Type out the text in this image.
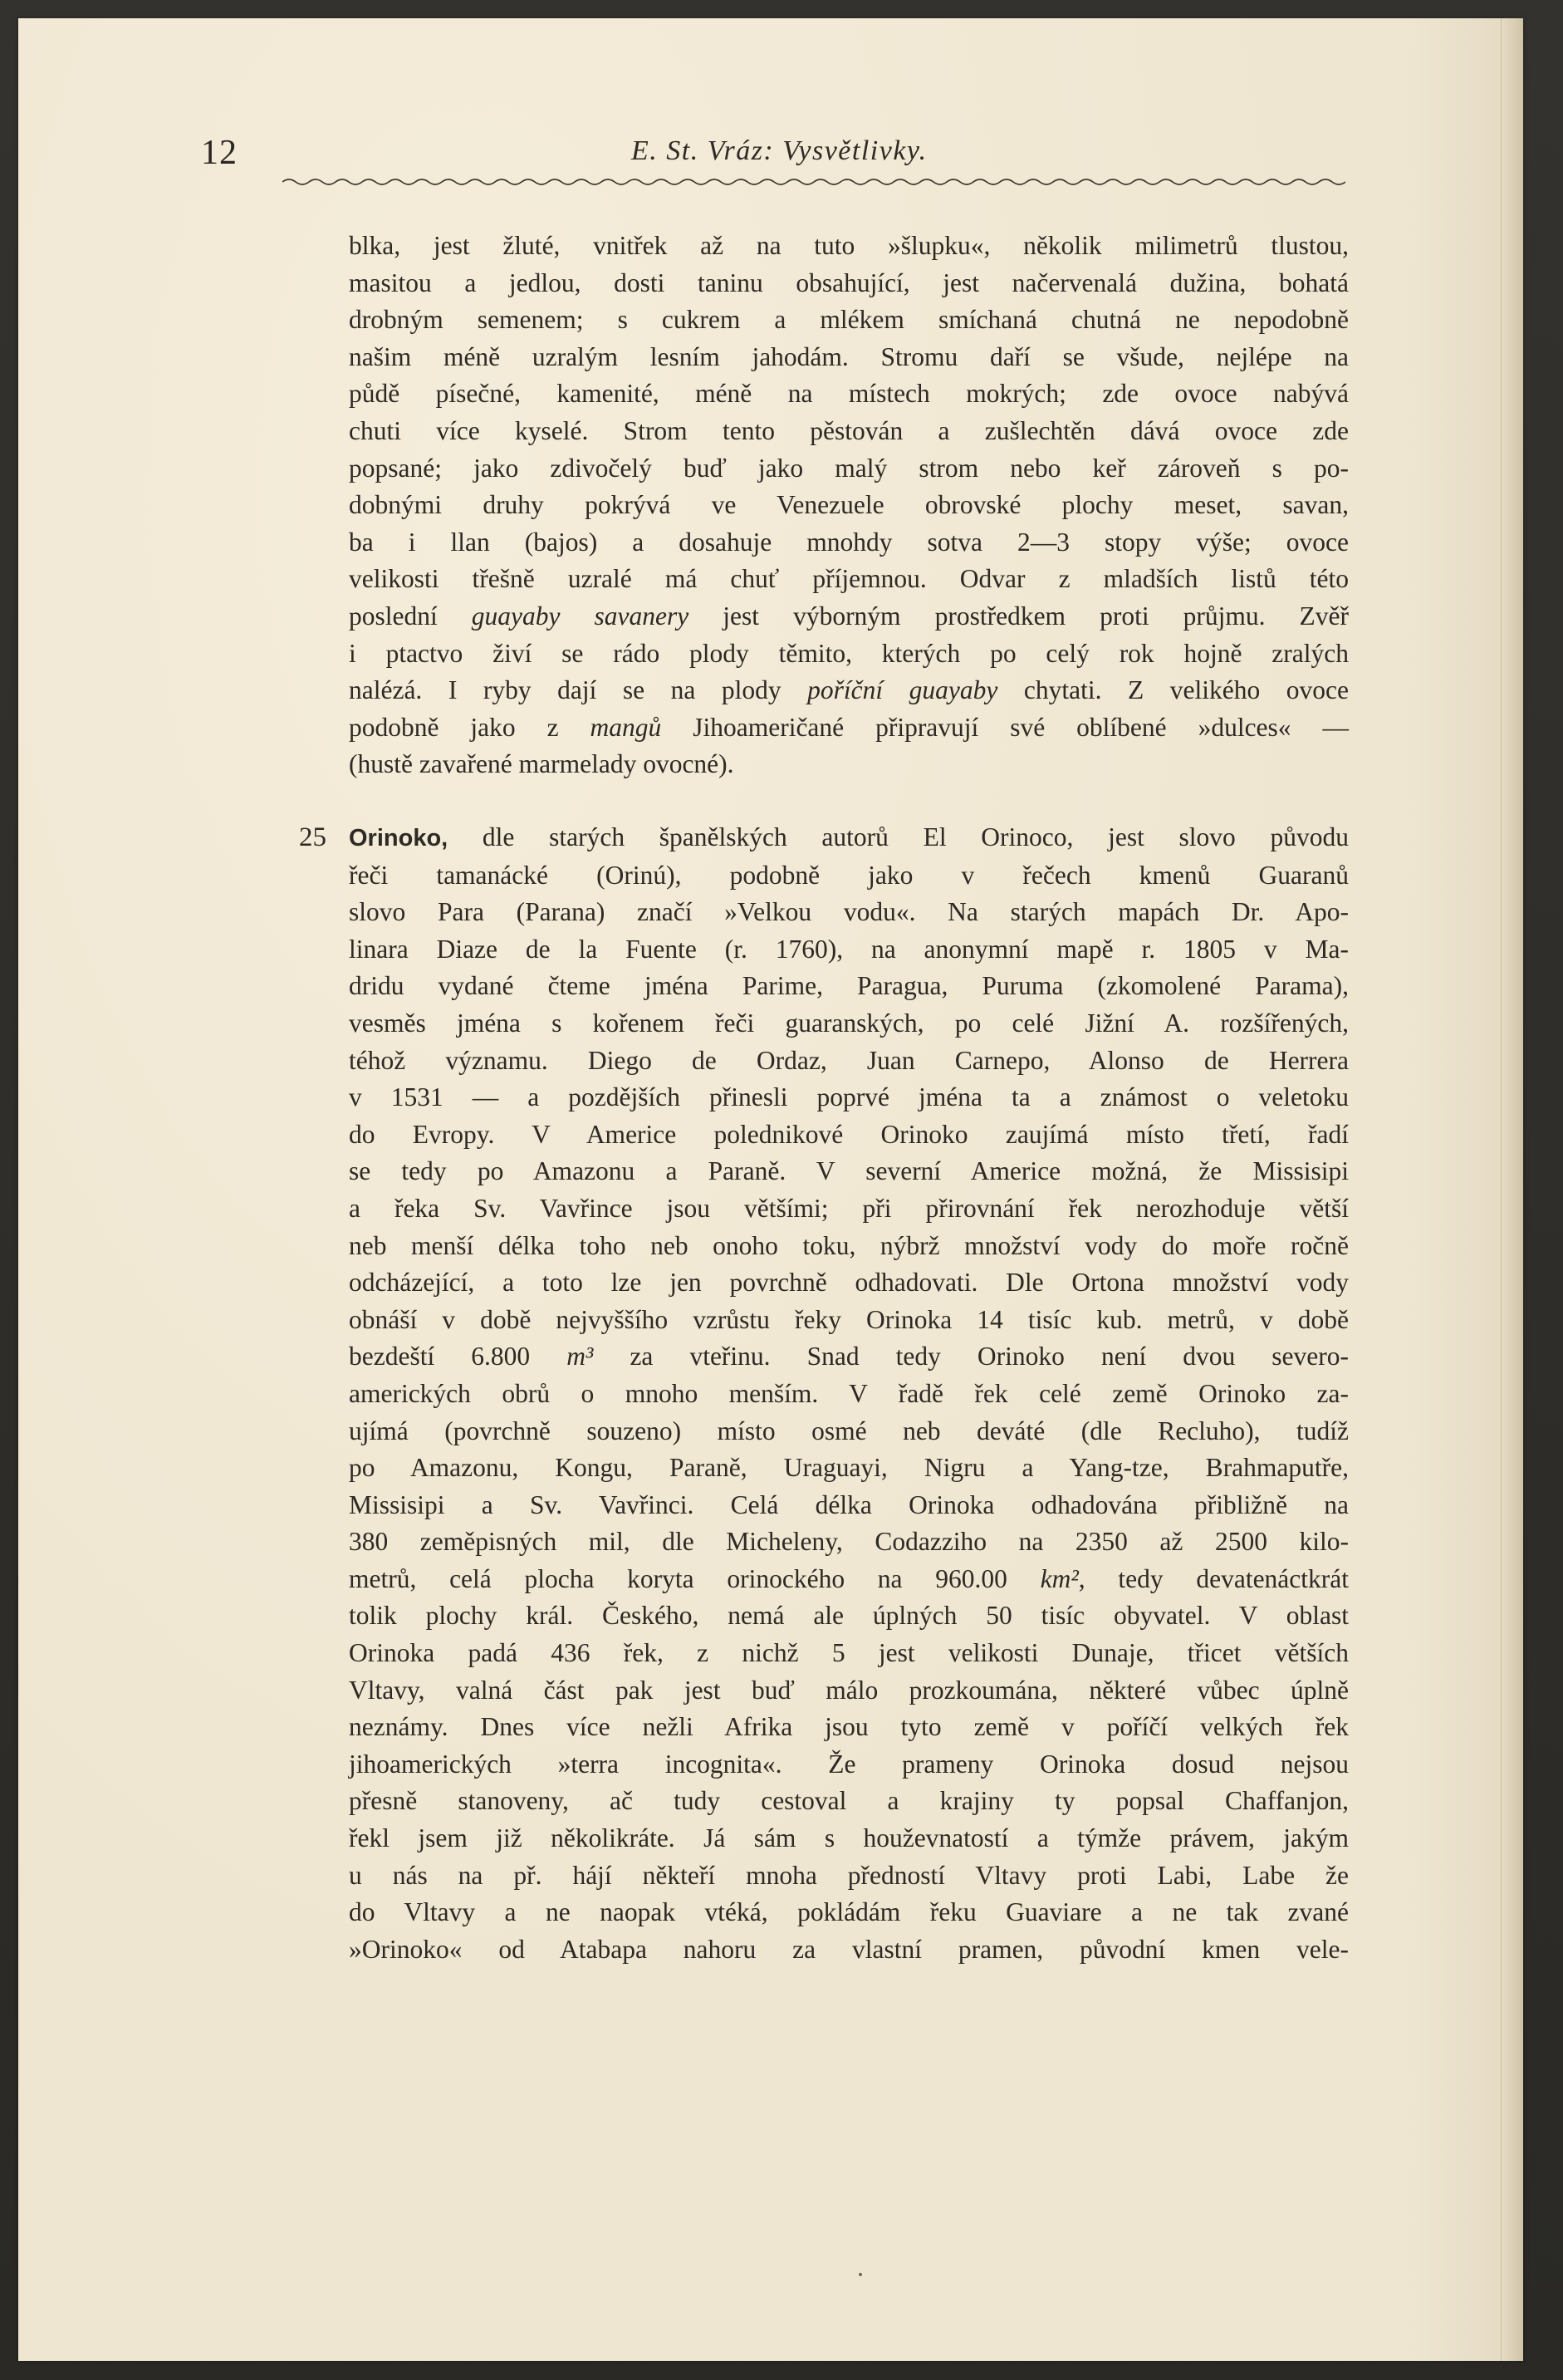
12	E. St. Vráz: Vysvětlivky.
blka, jest žluté, vnitřek až na tuto »šlupku«, několik milimetrů tlustou,
masitou a jedlou, dosti taninu obsahující, jest načervenalá dužina, bohatá
drobným semenem; s cukrem a mlékem smíchaná chutná ne nepodobně
našim méně uzralým lesním jahodám. Stromu daří se všude, nejlépe na
půdě písečné, kamenité, méně na místech mokrých; zde ovoce nabývá
chuti více kyselé. Strom tento pěstován a zušlechtěn dává ovoce zde
popsané; jako zdivočelý buď jako malý strom nebo keř zároveň s po-
dobnými druhy pokrývá ve Venezuele obrovské plochy meset, savan,
ba i llan (bajos) a dosahuje mnohdy sotva 2—3 stopy výše; ovoce
velikosti třešně uzralé má chuť příjemnou. Odvar z mladších listů této
poslední guayaby savanery jest výborným prostředkem proti průjmu. Zvěř
i ptactvo živí se rádo plody těmito, kterých po celý rok hojně zralých
nalézá. I ryby dají se na plody poříční guayaby chytati. Z velikého ovoce
podobně jako z mangů Jihoameričané připravují své oblíbené »dulces« —
(hustě zavařené marmelady ovocné).
25 Orinoko, dle starých španělských autorů El Orinoco, jest slovo původu
řeči tamanácké (Orinú), podobně jako v řečech kmenů Guaranů
slovo Para (Parana) značí »Velkou vodu«. Na starých mapách Dr. Apo-
linara Diaze de la Fuente (r. 1760), na anonymní mapě r. 1805 v Ma-
dridu vydané čteme jména Parime, Paragua, Puruma (zkomolené Parama),
vesměs jména s kořenem řeči guaranských, po celé Jižní A. rozšířených,
téhož významu. Diego de Ordaz, Juan Carnepo, Alonso de Herrera
v 1531 — a pozdějších přinesli poprvé jména ta a známost o veletoku
do Evropy. V Americe polednikové Orinoko zaujímá místo třetí, řadí
se tedy po Amazonu a Paraně. V severní Americe možná, že Missisipi
a řeka Sv. Vavřince jsou většími; při přirovnání řek nerozhoduje větší
neb menší délka toho neb onoho toku, nýbrž množství vody do moře ročně
odcházející, a toto lze jen povrchně odhadovati. Dle Ortona množství vody
obnáší v době nejvyššího vzrůstu řeky Orinoka 14 tisíc kub. metrů, v době
bezdeští 6.800 m³ za vteřinu. Snad tedy Orinoko není dvou severo-
amerických obrů o mnoho menším. V řadě řek celé země Orinoko za-
ujímá (povrchně souzeno) místo osmé neb deváté (dle Recluho), tudíž
po Amazonu, Kongu, Paraně, Uraguayi, Nigru a Yang-tze, Brahmaputře,
Missisipi a Sv. Vavřinci. Celá délka Orinoka odhadována přibližně na
380 zeměpisných mil, dle Micheleny, Codazziho na 2350 až 2500 kilo-
metrů, celá plocha koryta orinockého na 960.00 km², tedy devatenáctkrát
tolik plochy král. Českého, nemá ale úplných 50 tisíc obyvatel. V oblast
Orinoka padá 436 řek, z nichž 5 jest velikosti Dunaje, třicet větších
Vltavy, valná část pak jest buď málo prozkoumána, některé vůbec úplně
neznámy. Dnes více nežli Afrika jsou tyto země v poříčí velkých řek
jihoamerických »terra incognita«. Že prameny Orinoka dosud nejsou
přesně stanoveny, ač tudy cestoval a krajiny ty popsal Chaffanjon,
řekl jsem již několikráte. Já sám s houževnatostí a týmže právem, jakým
u nás na př. hájí někteří mnoha předností Vltavy proti Labi, Labe že
do Vltavy a ne naopak vtéká, pokládám řeku Guaviare a ne tak zvané
»Orinoko« od Atabapa nahoru za vlastní pramen, původní kmen vele-
